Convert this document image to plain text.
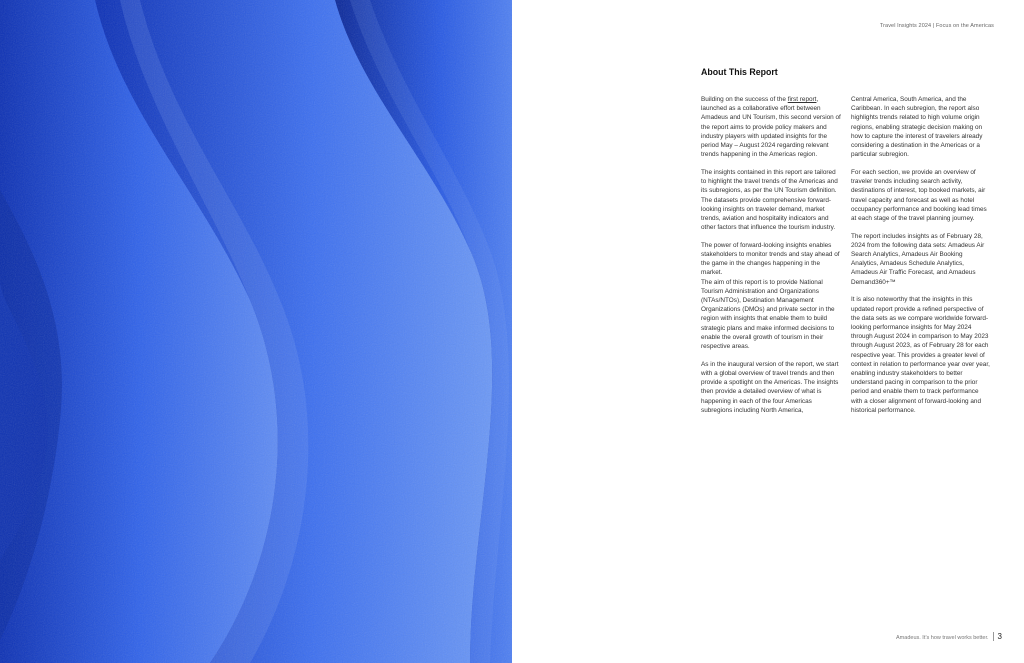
Travel Insights 2024 | Focus on the Americas
About This Report

Building on the success of the first report, launched as a collaborative effort between Amadeus and UN Tourism, this second version of the report aims to provide policy makers and industry players with updated insights for the period May – August 2024 regarding relevant trends happening in the Americas region.

The insights contained in this report are tailored to highlight the travel trends of the Americas and its subregions, as per the UN Tourism definition. The datasets provide comprehensive forward-looking insights on traveler demand, market trends, aviation and hospitality indicators and other factors that influence the tourism industry.

The power of forward-looking insights enables stakeholders to monitor trends and stay ahead of the game in the changes happening in the market.

The aim of this report is to provide National Tourism Administration and Organizations (NTAs/NTOs), Destination Management Organizations (DMOs) and private sector in the region with insights that enable them to build strategic plans and make informed decisions to enable the overall growth of tourism in their respective areas.

As in the inaugural version of the report, we start with a global overview of travel trends and then provide a spotlight on the Americas. The insights then provide a detailed overview of what is happening in each of the four Americas subregions including North America,

Central America, South America, and the Caribbean. In each subregion, the report also highlights trends related to high volume origin regions, enabling strategic decision making on how to capture the interest of travelers already considering a destination in the Americas or a particular subregion.

For each section, we provide an overview of traveler trends including search activity, destinations of interest, top booked markets, air travel capacity and forecast as well as hotel occupancy performance and booking lead times at each stage of the travel planning journey.

The report includes insights as of February 28, 2024 from the following data sets: Amadeus Air Search Analytics, Amadeus Air Booking Analytics, Amadeus Schedule Analytics, Amadeus Air Traffic Forecast, and Amadeus Demand360+™

It is also noteworthy that the insights in this updated report provide a refined perspective of the data sets as we compare worldwide forward-looking performance insights for May 2024 through August 2024 in comparison to May 2023 through August 2023, as of February 28 for each respective year. This provides a greater level of context in relation to performance year over year, enabling industry stakeholders to better understand pacing in comparison to the prior period and enable them to track performance with a closer alignment of forward-looking and historical performance.

Amadeus. It’s how travel works better. 3
